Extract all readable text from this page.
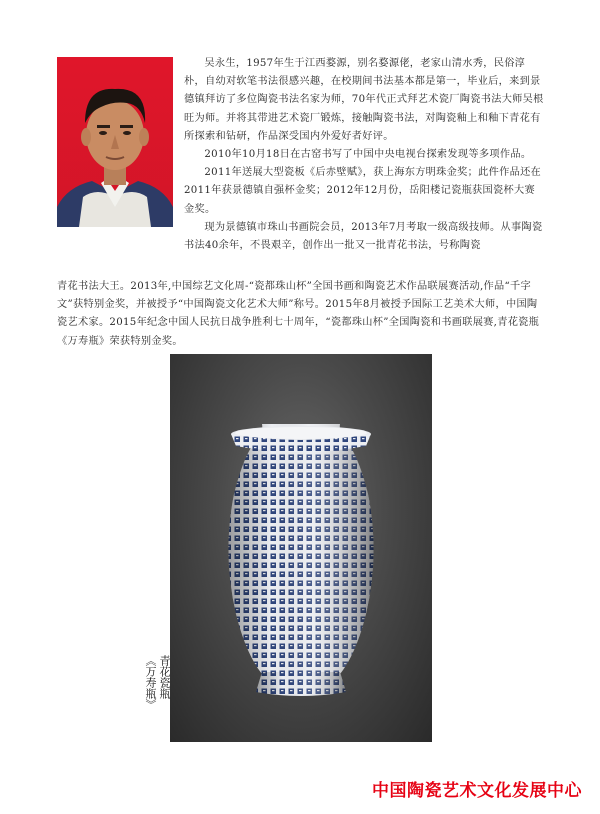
吴永生，1957年生于江西婺源，别名婺源佬，老家山清水秀，民俗淳朴，自幼对软笔书法很感兴趣，在校期间书法基本都是第一，毕业后，来到景德镇拜访了多位陶瓷书法名家为师，70年代正式拜艺术瓷厂陶瓷书法大师吴根旺为师。并将其带进艺术瓷厂锻炼，接触陶瓷书法，对陶瓷釉上和釉下青花有所探索和钻研，作品深受国内外爱好者好评。

2010年10月18日在古窑书写了中国中央电视台探索发现等多项作品。

2011年送展大型瓷板《后赤壁赋》，获上海东方明珠金奖；此件作品还在2011年获景德镇自强杯金奖；2012年12月份，岳阳楼记瓷瓶获国瓷杯大赛金奖。

现为景德镇市珠山书画院会员，2013年7月考取一级高级技师。从事陶瓷书法40余年，不畏艰辛，创作出一批又一批青花书法，号称陶瓷

青花书法大王。2013年,中国综艺文化周-“瓷都珠山杯”全国书画和陶瓷艺术作品联展赛活动,作品“千字文”获特别金奖，并被授予“中国陶瓷文化艺术大师”称号。2015年8月被授予国际工艺美术大师，中国陶瓷艺术家。2015年纪念中国人民抗日战争胜利七十周年，“瓷都珠山杯”全国陶瓷和书画联展赛,青花瓷瓶《万寿瓶》荣获特别金奖。

青花瓷瓶
《万寿瓶》
中国陶瓷艺术文化发展中心
